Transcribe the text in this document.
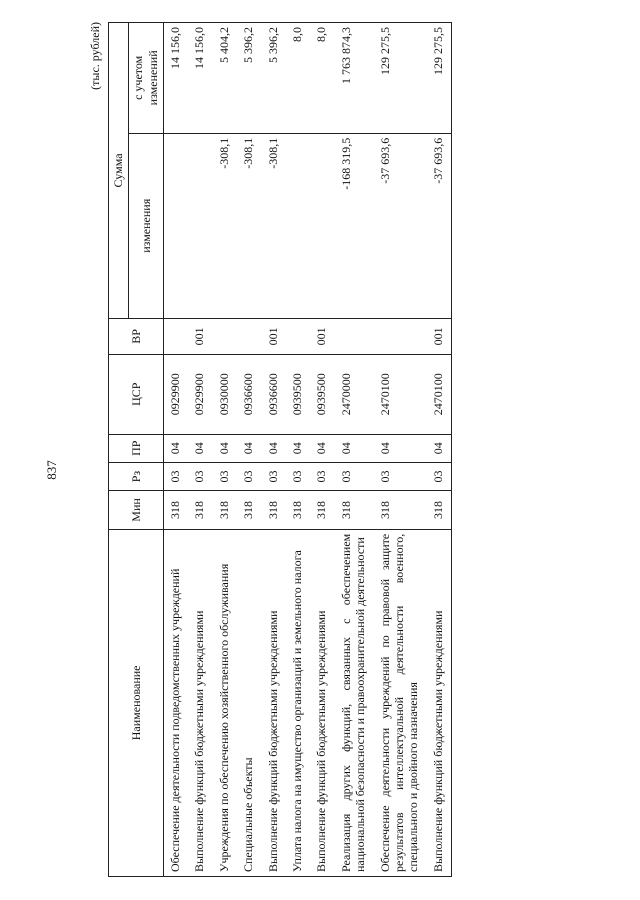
837
(тыс. рублей)
Наименование	Мин	Рз	ПР	ЦСР	ВР	Сумма	
						изменения	с учетом изменений
Обеспечение деятельности подведомственных учреждений	318	03	04	0929900			14 156,0
Выполнение функций бюджетными учреждениями	318	03	04	0929900	001		14 156,0
Учреждения по обеспечению хозяйственного обслуживания	318	03	04	0930000		-308,1	5 404,2
Специальные объекты	318	03	04	0936600		-308,1	5 396,2
Выполнение функций бюджетными учреждениями	318	03	04	0936600	001	-308,1	5 396,2
Уплата налога на имущество организаций и земельного налога	318	03	04	0939500			8,0
Выполнение функций бюджетными учреждениями	318	03	04	0939500	001		8,0
Реализация других функций, связанных с обеспечением национальной безопасности и правоохранительной деятельности	318	03	04	2470000		-168 319,5	1 763 874,3
Обеспечение деятельности учреждений по правовой защите результатов интеллектуальной деятельности военного, специального и двойного назначения	318	03	04	2470100		-37 693,6	129 275,5
Выполнение функций бюджетными учреждениями	318	03	04	2470100	001	-37 693,6	129 275,5
